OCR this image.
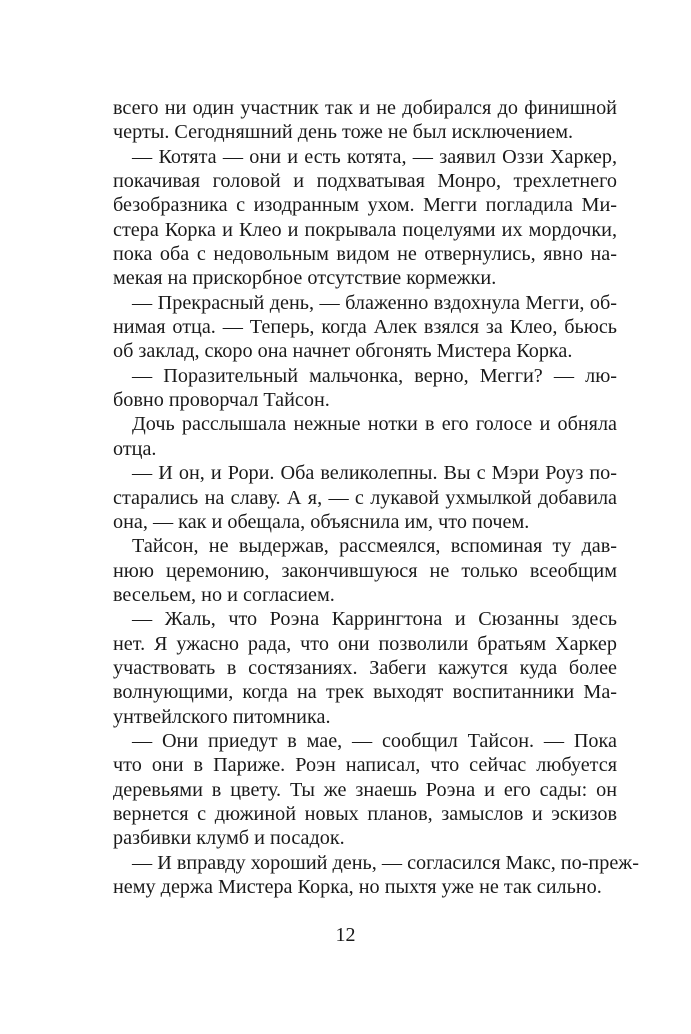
всего ни один участник так и не добирался до финишной
черты. Сегодняшний день тоже не был исключением.
— Котята — они и есть котята, — заявил Оззи Харкер,
покачивая головой и подхватывая Монро, трехлетнего
безобразника с изодранным ухом. Мегги погладила Ми-
стера Корка и Клео и покрывала поцелуями их мордочки,
пока оба с недовольным видом не отвернулись, явно на-
мекая на прискорбное отсутствие кормежки.
— Прекрасный день, — блаженно вздохнула Мегги, об-
нимая отца. — Теперь, когда Алек взялся за Клео, бьюсь
об заклад, скоро она начнет обгонять Мистера Корка.
— Поразительный мальчонка, верно, Мегги? — лю-
бовно проворчал Тайсон.
Дочь расслышала нежные нотки в его голосе и обняла
отца.
— И он, и Рори. Оба великолепны. Вы с Мэри Роуз по-
старались на славу. А я, — с лукавой ухмылкой добавила
она, — как и обещала, объяснила им, что почем.
Тайсон, не выдержав, рассмеялся, вспоминая ту дав-
нюю церемонию, закончившуюся не только всеобщим
весельем, но и согласием.
— Жаль, что Роэна Каррингтона и Сюзанны здесь
нет. Я ужасно рада, что они позволили братьям Харкер
участвовать в состязаниях. Забеги кажутся куда более
волнующими, когда на трек выходят воспитанники Ма-
унтвейлского питомника.
— Они приедут в мае, — сообщил Тайсон. — Пока
что они в Париже. Роэн написал, что сейчас любуется
деревьями в цвету. Ты же знаешь Роэна и его сады: он
вернется с дюжиной новых планов, замыслов и эскизов
разбивки клумб и посадок.
— И вправду хороший день, — согласился Макс, по-преж-
нему держа Мистера Корка, но пыхтя уже не так сильно.
12
